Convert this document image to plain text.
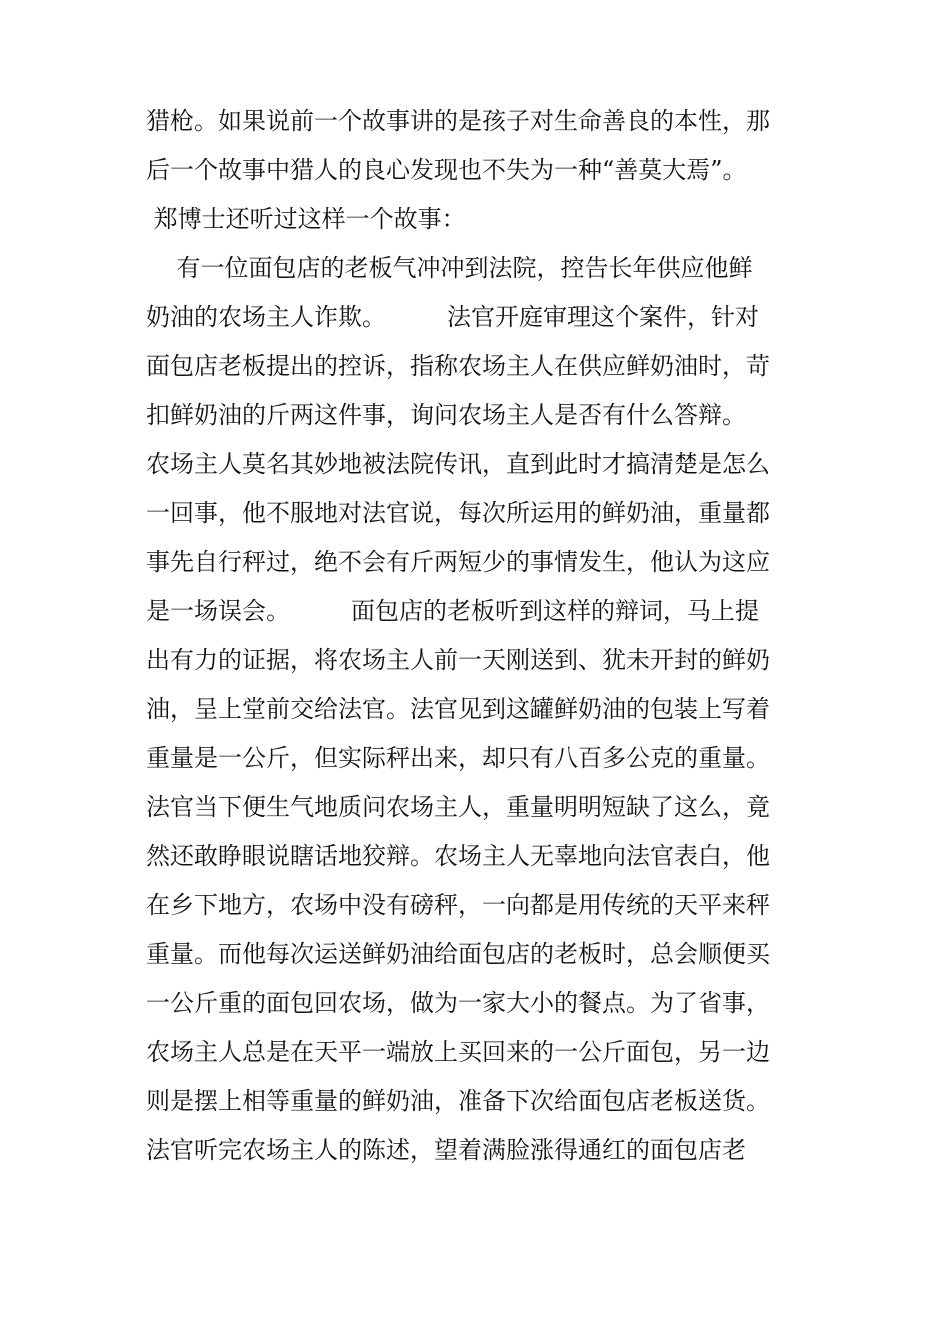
猎枪。如果说前一个故事讲的是孩子对生命善良的本性，那
后一个故事中猎人的良心发现也不失为一种“善莫大焉”。
郑博士还听过这样一个故事：
有一位面包店的老板气冲冲到法院，控告长年供应他鲜
奶油的农场主人诈欺。        法官开庭审理这个案件，针对
面包店老板提出的控诉，指称农场主人在供应鲜奶油时，苛
扣鲜奶油的斤两这件事，询问农场主人是否有什么答辩。
农场主人莫名其妙地被法院传讯，直到此时才搞清楚是怎么
一回事，他不服地对法官说，每次所运用的鲜奶油，重量都
事先自行秤过，绝不会有斤两短少的事情发生，他认为这应
是一场误会。        面包店的老板听到这样的辩词，马上提
出有力的证据，将农场主人前一天刚送到、犹未开封的鲜奶
油，呈上堂前交给法官。法官见到这罐鲜奶油的包装上写着
重量是一公斤，但实际秤出来，却只有八百多公克的重量。
法官当下便生气地质问农场主人，重量明明短缺了这么，竟
然还敢睁眼说瞎话地狡辩。农场主人无辜地向法官表白，他
在乡下地方，农场中没有磅秤，一向都是用传统的天平来秤
重量。而他每次运送鲜奶油给面包店的老板时，总会顺便买
一公斤重的面包回农场，做为一家大小的餐点。为了省事，
农场主人总是在天平一端放上买回来的一公斤面包，另一边
则是摆上相等重量的鲜奶油，准备下次给面包店老板送货。
法官听完农场主人的陈述，望着满脸涨得通红的面包店老
